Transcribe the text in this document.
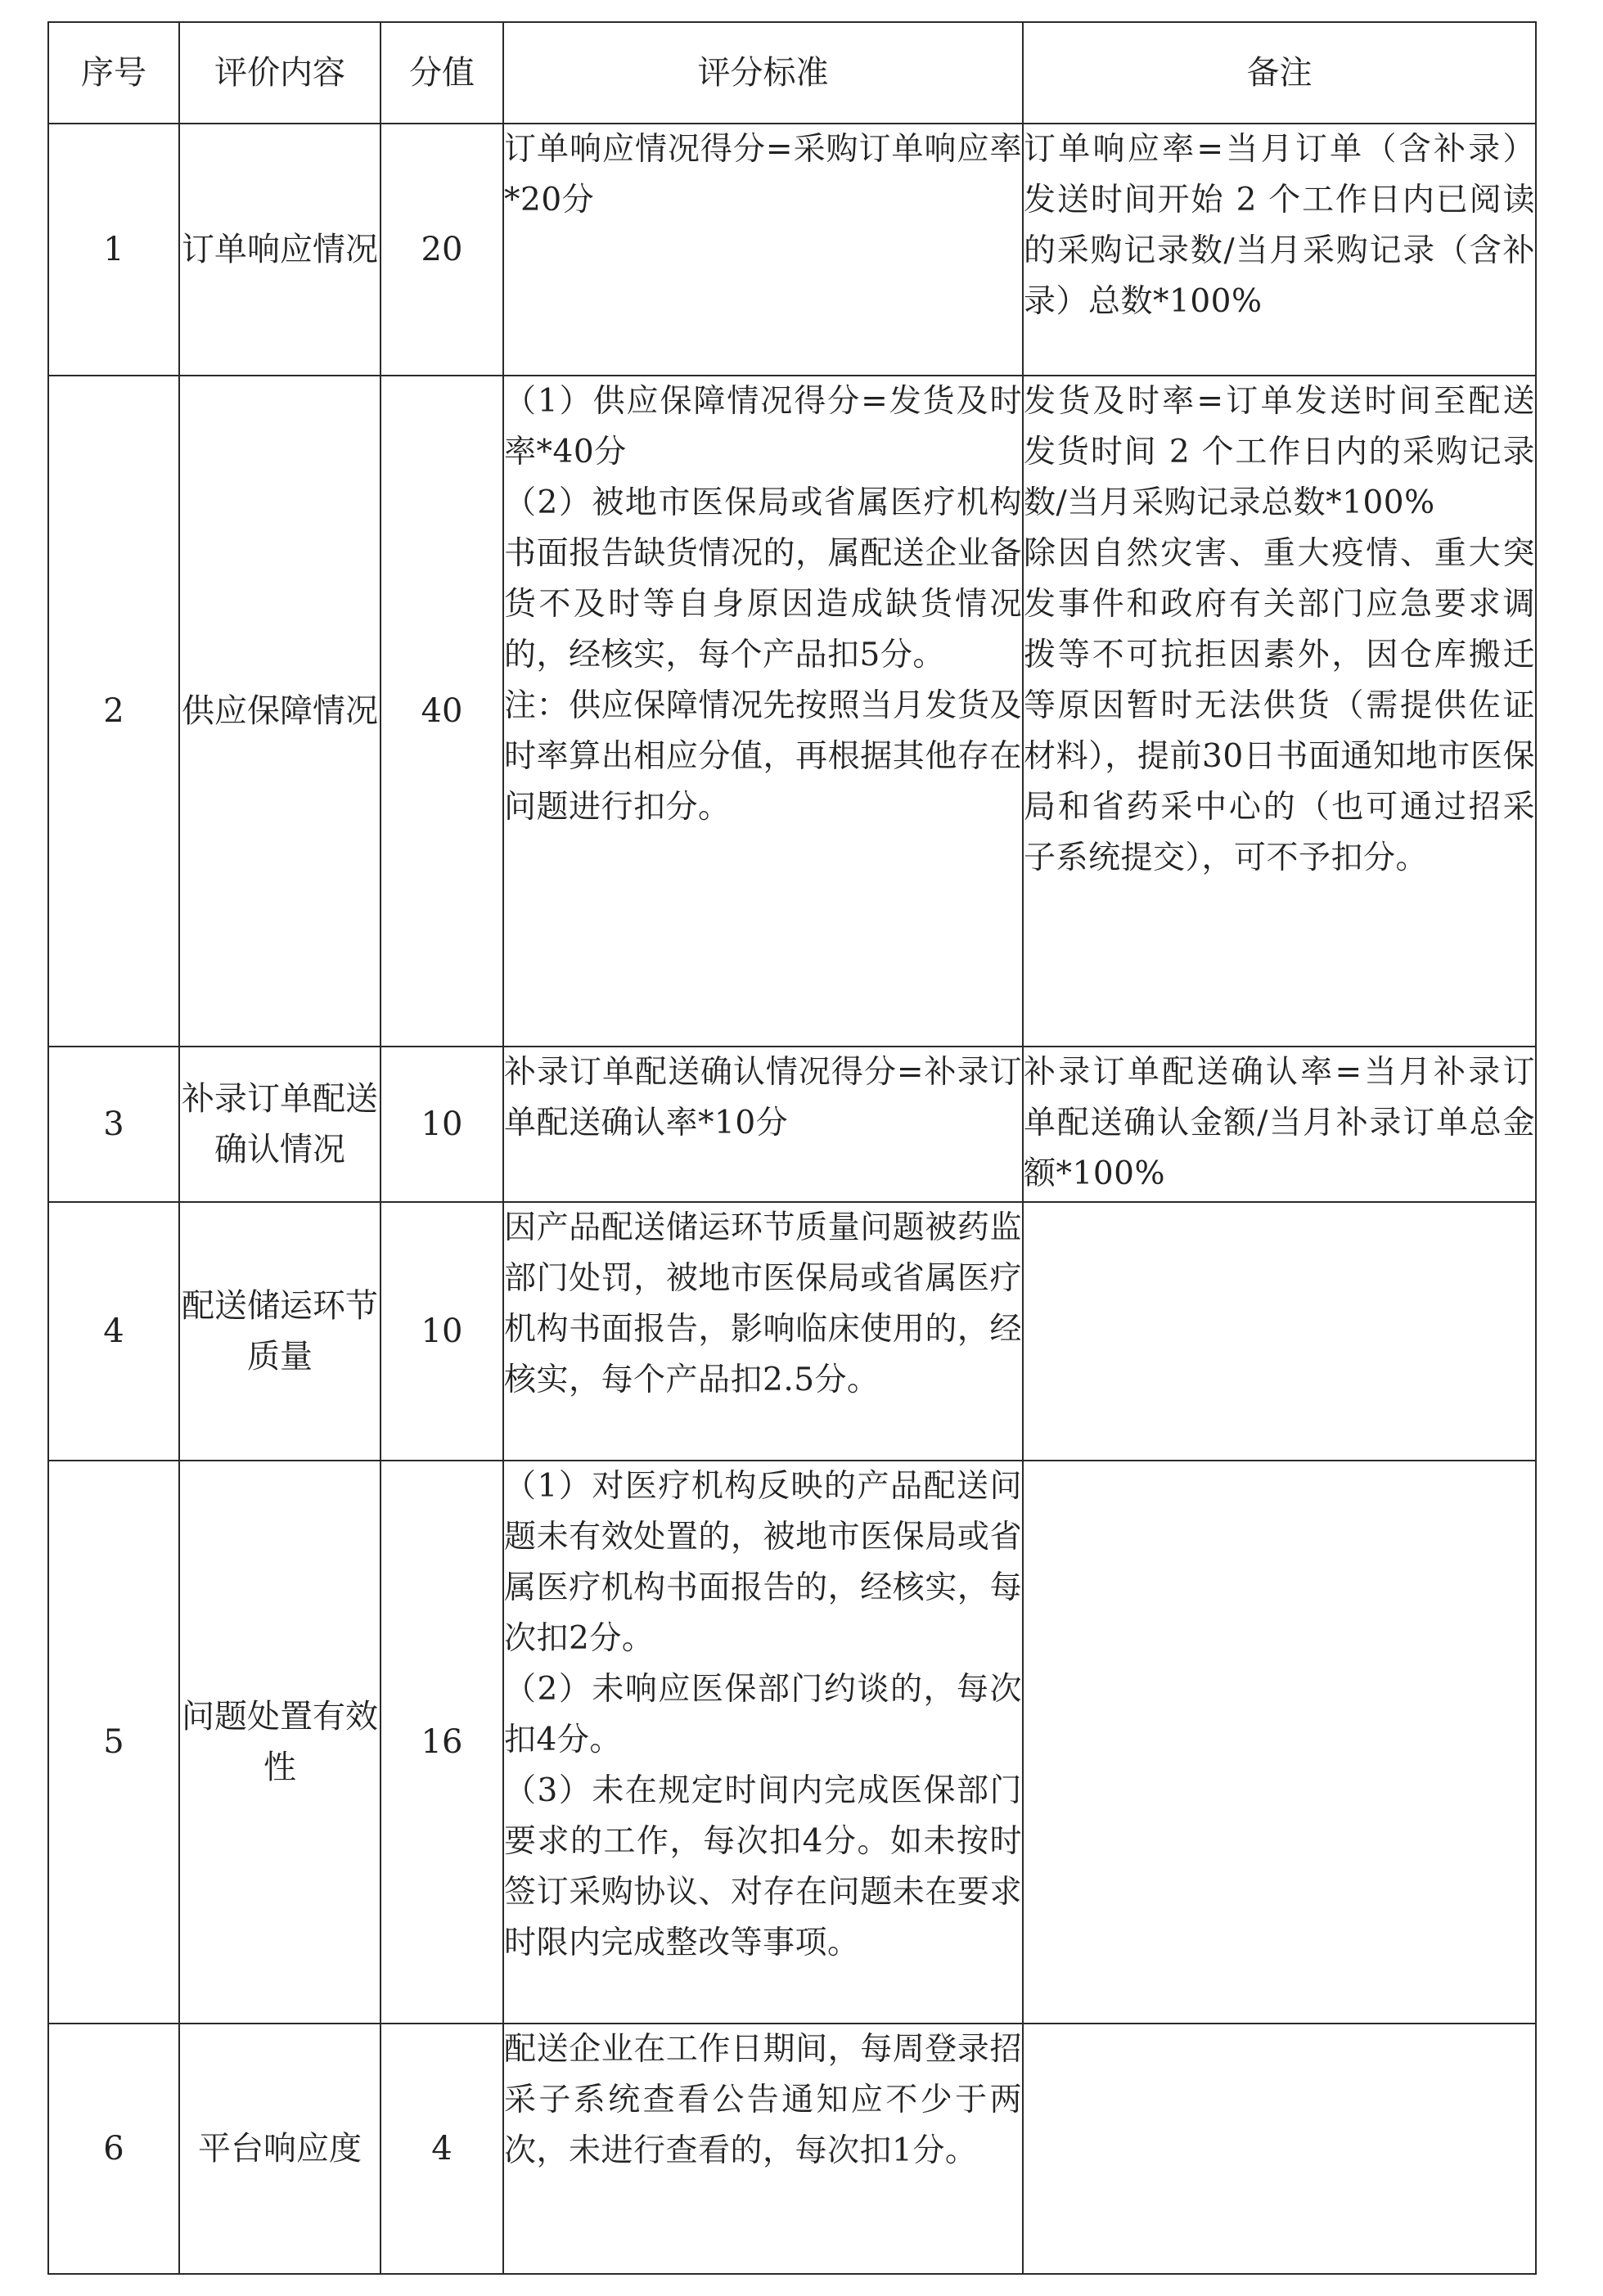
序号	评价内容	分值	评分标准	备注
1	订单响应情况	20	订单响应情况得分=采购订单响应率*20分	订单响应率=当月订单（含补录）发送时间开始 2 个工作日内已阅读的采购记录数/当月采购记录（含补录）总数*100%

2	供应保障情况	40	（1）供应保障情况得分=发货及时率*40分
（2）被地市医保局或省属医疗机构书面报告缺货情况的，属配送企业备货不及时等自身原因造成缺货情况的，经核实，每个产品扣5分。
注：供应保障情况先按照当月发货及时率算出相应分值，再根据其他存在问题进行扣分。	发货及时率=订单发送时间至配送发货时间 2 个工作日内的采购记录数/当月采购记录总数*100%
除因自然灾害、重大疫情、重大突发事件和政府有关部门应急要求调拨等不可抗拒因素外，因仓库搬迁等原因暂时无法供货（需提供佐证材料），提前30日书面通知地市医保局和省药采中心的（也可通过招采子系统提交），可不予扣分。

3	补录订单配送确认情况	10	补录订单配送确认情况得分=补录订单配送确认率*10分	补录订单配送确认率=当月补录订单配送确认金额/当月补录订单总金额*100%

4	配送储运环节质量	10	因产品配送储运环节质量问题被药监部门处罚，被地市医保局或省属医疗机构书面报告，影响临床使用的，经核实，每个产品扣2.5分。	

5	问题处置有效性	16	（1）对医疗机构反映的产品配送问题未有效处置的，被地市医保局或省属医疗机构书面报告的，经核实，每次扣2分。
（2）未响应医保部门约谈的，每次扣4分。
（3）未在规定时间内完成医保部门要求的工作，每次扣4分。如未按时签订采购协议、对存在问题未在要求时限内完成整改等事项。	

6	平台响应度	4	配送企业在工作日期间，每周登录招采子系统查看公告通知应不少于两次，未进行查看的，每次扣1分。	
